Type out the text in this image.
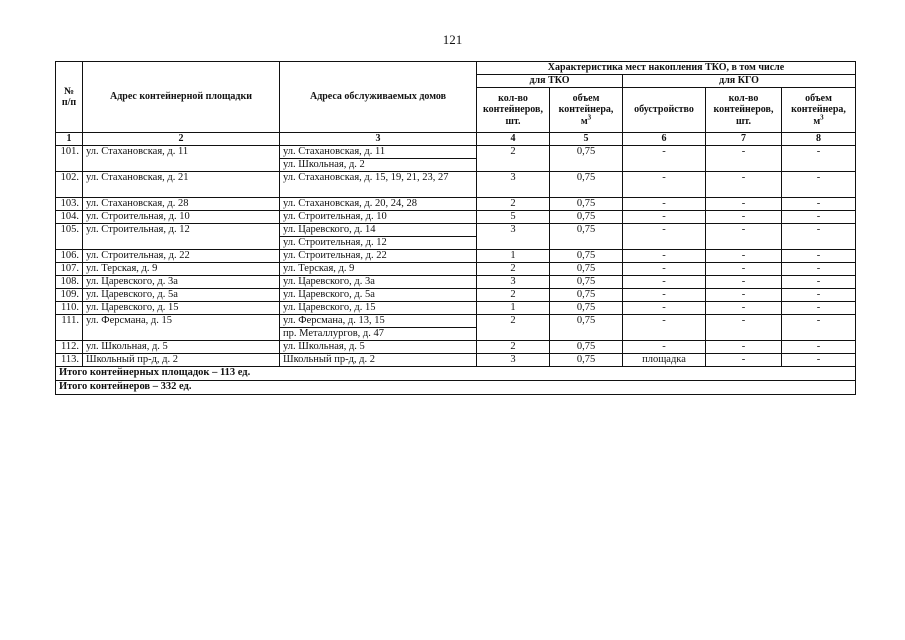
121
№ п/п	Адрес контейнерной площадки	Адреса обслуживаемых домов	Характеристика мест накопления ТКО, в том числе				
			для ТКО		для КГО		
			кол-во контейнеров, шт.	объем контейнера, $м^3$	обустройство	кол-во контейнеров, шт.	объем контейнера, $м^3$
1	2	3	4	5	6	7	8
101.	ул. Стахановская, д. 11	ул. Стахановская, д. 11
ул. Школьная, д. 2	2	0,75	-	-	-
102.	ул. Стахановская, д. 21	ул. Стахановская, д. 15, 19, 21, 23, 27	3	0,75	-	-	-
103.	ул. Стахановская, д. 28	ул. Стахановская, д. 20, 24, 28	2	0,75	-	-	-
104.	ул. Строительная, д. 10	ул. Строительная, д. 10	5	0,75	-	-	-
105.	ул. Строительная, д. 12	ул. Царевского, д. 14
ул. Строительная, д. 12	3	0,75	-	-	-
106.	ул. Строительная, д. 22	ул. Строительная, д. 22	1	0,75	-	-	-
107.	ул. Терская, д. 9	ул. Терская, д. 9	2	0,75	-	-	-
108.	ул. Царевского, д. 3а	ул. Царевского, д. 3а	3	0,75	-	-	-
109.	ул. Царевского, д. 5а	ул. Царевского, д. 5а	2	0,75	-	-	-
110.	ул. Царевского, д. 15	ул. Царевского, д. 15	1	0,75	-	-	-
111.	ул. Ферсмана, д. 15	ул. Ферсмана, д. 13, 15
пр. Металлургов, д. 47	2	0,75	-	-	-
112.	ул. Школьная, д. 5	ул. Школьная, д. 5	2	0,75	-	-	-
113.	Школьный пр-д, д. 2	Школьный пр-д, д. 2	3	0,75	площадка	-	-
Итого контейнерных площадок – 113 ед.							
Итого контейнеров – 332 ед.							
